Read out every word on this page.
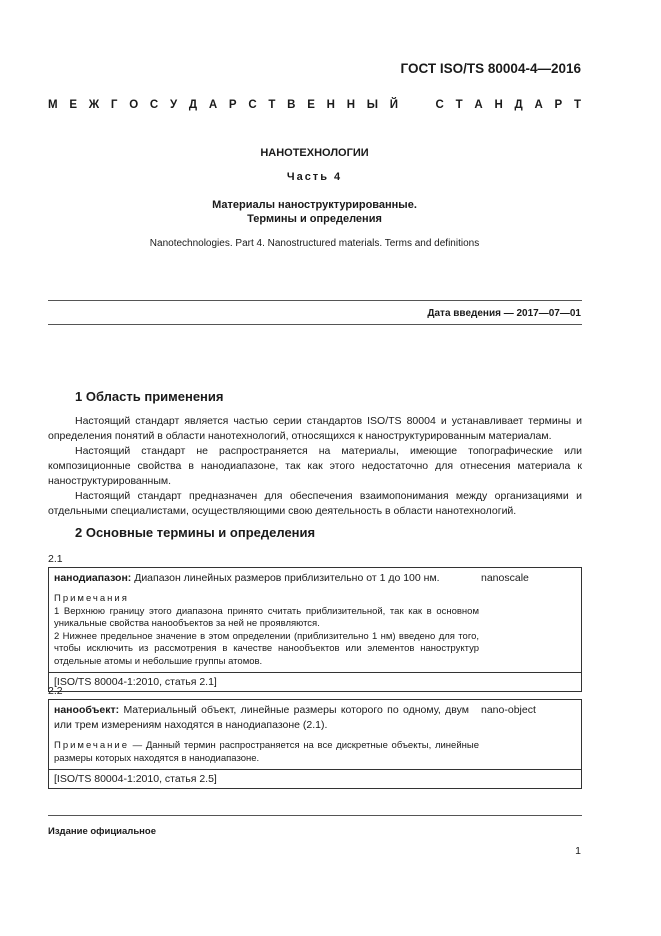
ГОСТ ISO/TS 80004-4—2016
М Е Ж Г О С У Д А Р С Т В Е Н Н Ы Й	С Т А Н Д А Р Т
НАНОТЕХНОЛОГИИ
Часть 4
Материалы наноструктурированные.
Термины и определения
Nanotechnologies. Part 4. Nanostructured materials. Terms and definitions
Дата введения — 2017—07—01
1 Область применения

Настоящий стандарт является частью серии стандартов ISO/TS 80004 и устанавливает термины и определения понятий в области нанотехнологий, относящихся к наноструктурированным материалам.

Настоящий стандарт не распространяется на материалы, имеющие топографические или композиционные свойства в нанодиапазоне, так как этого недостаточно для отнесения материала к наноструктурированным.

Настоящий стандарт предназначен для обеспечения взаимопонимания между организациями и отдельными специалистами, осуществляющими свою деятельность в области нанотехнологий.

2 Основные термины и определения
2.1
нанодиапазон: Диапазон линейных размеров приблизительно от 1 до 100 нм.	nanoscale
Примечания
1 Верхнюю границу этого диапазона принято считать приблизительной, так как в основном уникальные свойства нанообъектов за ней не проявляются.
2 Нижнее предельное значение в этом определении (приблизительно 1 нм) введено для того, чтобы исключить из рассмотрения в качестве нанообъектов или элементов наноструктур отдельные атомы и небольшие группы атомов.
[ISO/TS 80004-1:2010, статья 2.1]
2.2
нанообъект: Материальный объект, линейные размеры которого по одному, двум или трем измерениям находятся в нанодиапазоне (2.1).
nano-object
Примечание — Данный термин распространяется на все дискретные объекты, линейные размеры которых находятся в нанодиапазоне.
[ISO/TS 80004-1:2010, статья 2.5]
Издание официальное
1
